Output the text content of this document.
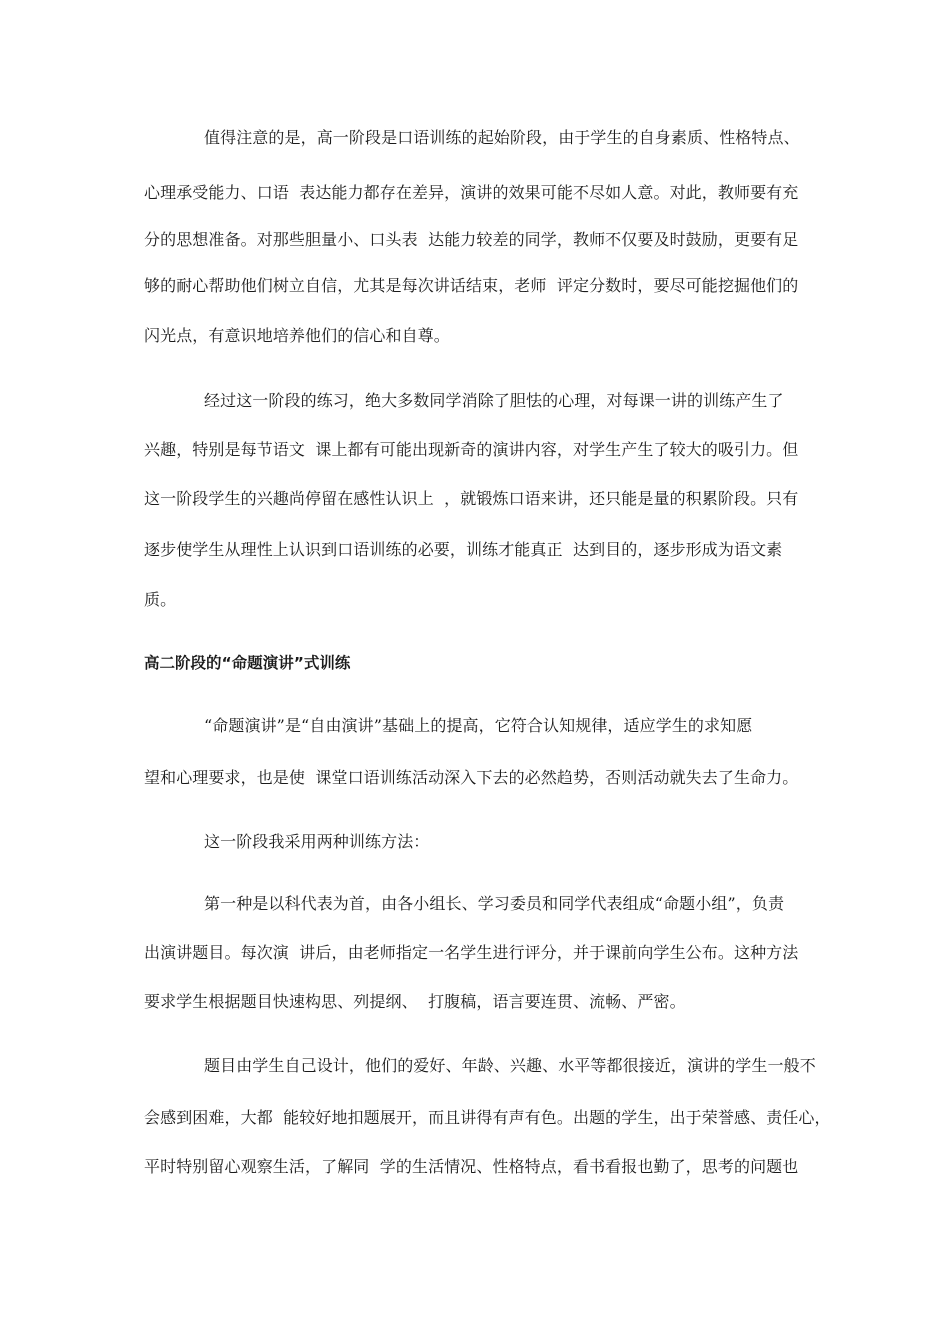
值得注意的是，高一阶段是口语训练的起始阶段，由于学生的自身素质、性格特点、
心理承受能力、口语  表达能力都存在差异，演讲的效果可能不尽如人意。对此，教师要有充
分的思想准备。对那些胆量小、口头表  达能力较差的同学，教师不仅要及时鼓励，更要有足
够的耐心帮助他们树立自信，尤其是每次讲话结束，老师  评定分数时，要尽可能挖掘他们的
闪光点，有意识地培养他们的信心和自尊。
经过这一阶段的练习，绝大多数同学消除了胆怯的心理，对每课一讲的训练产生了
兴趣，特别是每节语文  课上都有可能出现新奇的演讲内容，对学生产生了较大的吸引力。但
这一阶段学生的兴趣尚停留在感性认识上  ，就锻炼口语来讲，还只能是量的积累阶段。只有
逐步使学生从理性上认识到口语训练的必要，训练才能真正  达到目的，逐步形成为语文素
质。
高二阶段的“命题演讲”式训练
“命题演讲”是“自由演讲”基础上的提高，它符合认知规律，适应学生的求知愿
望和心理要求，也是使  课堂口语训练活动深入下去的必然趋势，否则活动就失去了生命力。
这一阶段我采用两种训练方法：
第一种是以科代表为首，由各小组长、学习委员和同学代表组成“命题小组”，负责
出演讲题目。每次演  讲后，由老师指定一名学生进行评分，并于课前向学生公布。这种方法
要求学生根据题目快速构思、列提纲、  打腹稿，语言要连贯、流畅、严密。
题目由学生自己设计，他们的爱好、年龄、兴趣、水平等都很接近，演讲的学生一般不
会感到困难，大都  能较好地扣题展开，而且讲得有声有色。出题的学生，出于荣誉感、责任心，
平时特别留心观察生活，了解同  学的生活情况、性格特点，看书看报也勤了，思考的问题也
